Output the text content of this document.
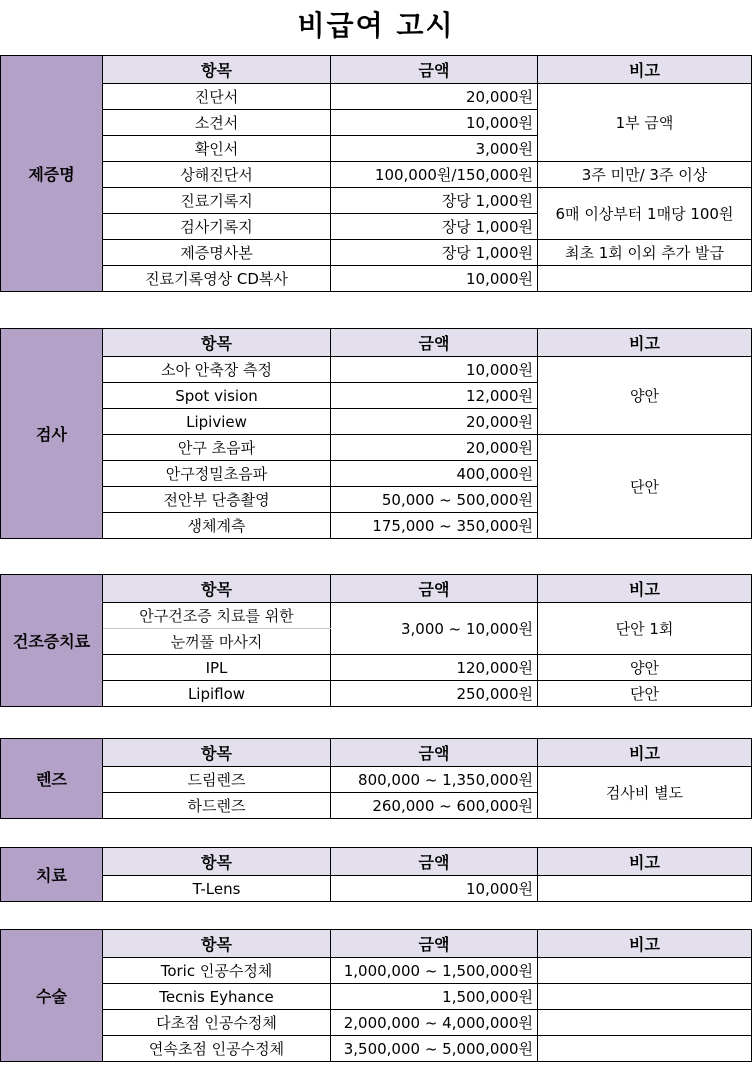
비급여 고시
제증명	항목	금액	비고
	진단서	20,000원	1부 금액
	소견서	10,000원	
	확인서	3,000원	
	상해진단서	100,000원/150,000원	3주 미만/ 3주 이상
	진료기록지	장당 1,000원	6매 이상부터 1매당 100원
	검사기록지	장당 1,000원	
	제증명사본	장당 1,000원	최초 1회 이외 추가 발급
	진료기록영상 CD복사	10,000원	
검사	항목	금액	비고
	소아 안축장 측정	10,000원	양안
	Spot vision	12,000원	
	Lipiview	20,000원	
	안구 초음파	20,000원	단안
	안구정밀초음파	400,000원	
	전안부 단층촬영	50,000 ~ 500,000원	
	생체계측	175,000 ~ 350,000원	
건조증치료	항목	금액	비고
	안구건조증 치료를 위한	3,000 ~ 10,000원	단안 1회
	눈꺼풀 마사지		
	IPL	120,000원	양안
	Lipiflow	250,000원	단안
렌즈	항목	금액	비고
	드림렌즈	800,000 ~ 1,350,000원	검사비 별도
	하드렌즈	260,000 ~ 600,000원	
치료	항목	금액	비고
	T-Lens	10,000원	
수술	항목	금액	비고
	Toric 인공수정체	1,000,000 ~ 1,500,000원	
	Tecnis Eyhance	1,500,000원	
	다초점 인공수정체	2,000,000 ~ 4,000,000원	
	연속초점 인공수정체	3,500,000 ~ 5,000,000원	
